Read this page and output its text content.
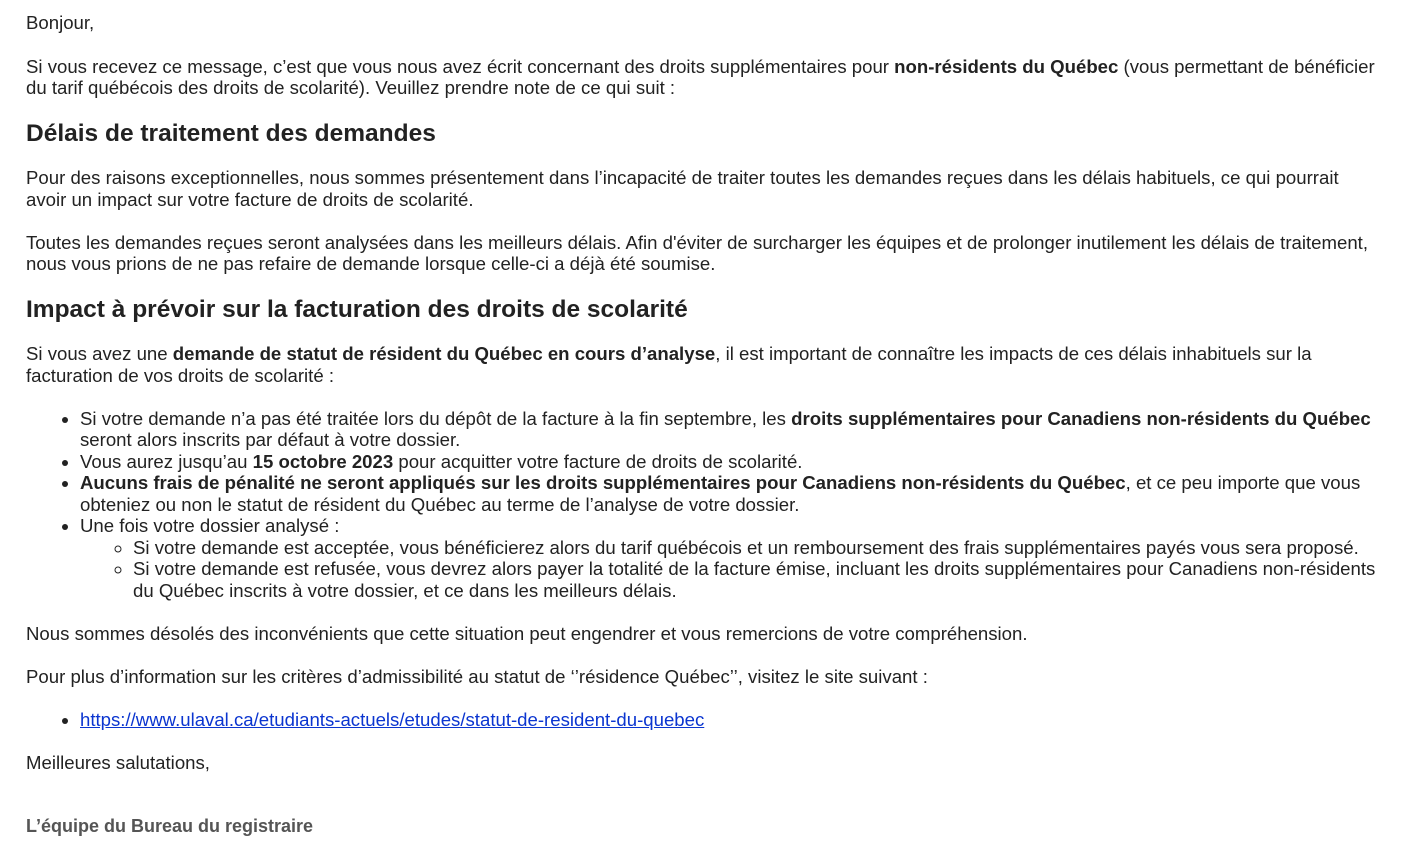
Bonjour,

Si vous recevez ce message, c’est que vous nous avez écrit concernant des droits supplémentaires pour non-résidents du Québec (vous permettant de bénéficier du tarif québécois des droits de scolarité). Veuillez prendre note de ce qui suit :

Délais de traitement des demandes

Pour des raisons exceptionnelles, nous sommes présentement dans l’incapacité de traiter toutes les demandes reçues dans les délais habituels, ce qui pourrait avoir un impact sur votre facture de droits de scolarité.

Toutes les demandes reçues seront analysées dans les meilleurs délais. Afin d'éviter de surcharger les équipes et de prolonger inutilement les délais de traitement, nous vous prions de ne pas refaire de demande lorsque celle-ci a déjà été soumise.

Impact à prévoir sur la facturation des droits de scolarité

Si vous avez une demande de statut de résident du Québec en cours d’analyse, il est important de connaître les impacts de ces délais inhabituels sur la facturation de vos droits de scolarité :

• Si votre demande n’a pas été traitée lors du dépôt de la facture à la fin septembre, les droits supplémentaires pour Canadiens non-résidents du Québec seront alors inscrits par défaut à votre dossier.
• Vous aurez jusqu’au 15 octobre 2023 pour acquitter votre facture de droits de scolarité.
• Aucuns frais de pénalité ne seront appliqués sur les droits supplémentaires pour Canadiens non-résidents du Québec, et ce peu importe que vous obteniez ou non le statut de résident du Québec au terme de l’analyse de votre dossier.
• Une fois votre dossier analysé :
◦ Si votre demande est acceptée, vous bénéficierez alors du tarif québécois et un remboursement des frais supplémentaires payés vous sera proposé.
◦ Si votre demande est refusée, vous devrez alors payer la totalité de la facture émise, incluant les droits supplémentaires pour Canadiens non-résidents du Québec inscrits à votre dossier, et ce dans les meilleurs délais.

Nous sommes désolés des inconvénients que cette situation peut engendrer et vous remercions de votre compréhension.

Pour plus d’information sur les critères d’admissibilité au statut de ‘’résidence Québec’’, visitez le site suivant :

• https://www.ulaval.ca/etudiants-actuels/etudes/statut-de-resident-du-quebec

Meilleures salutations,

L’équipe du Bureau du registraire
